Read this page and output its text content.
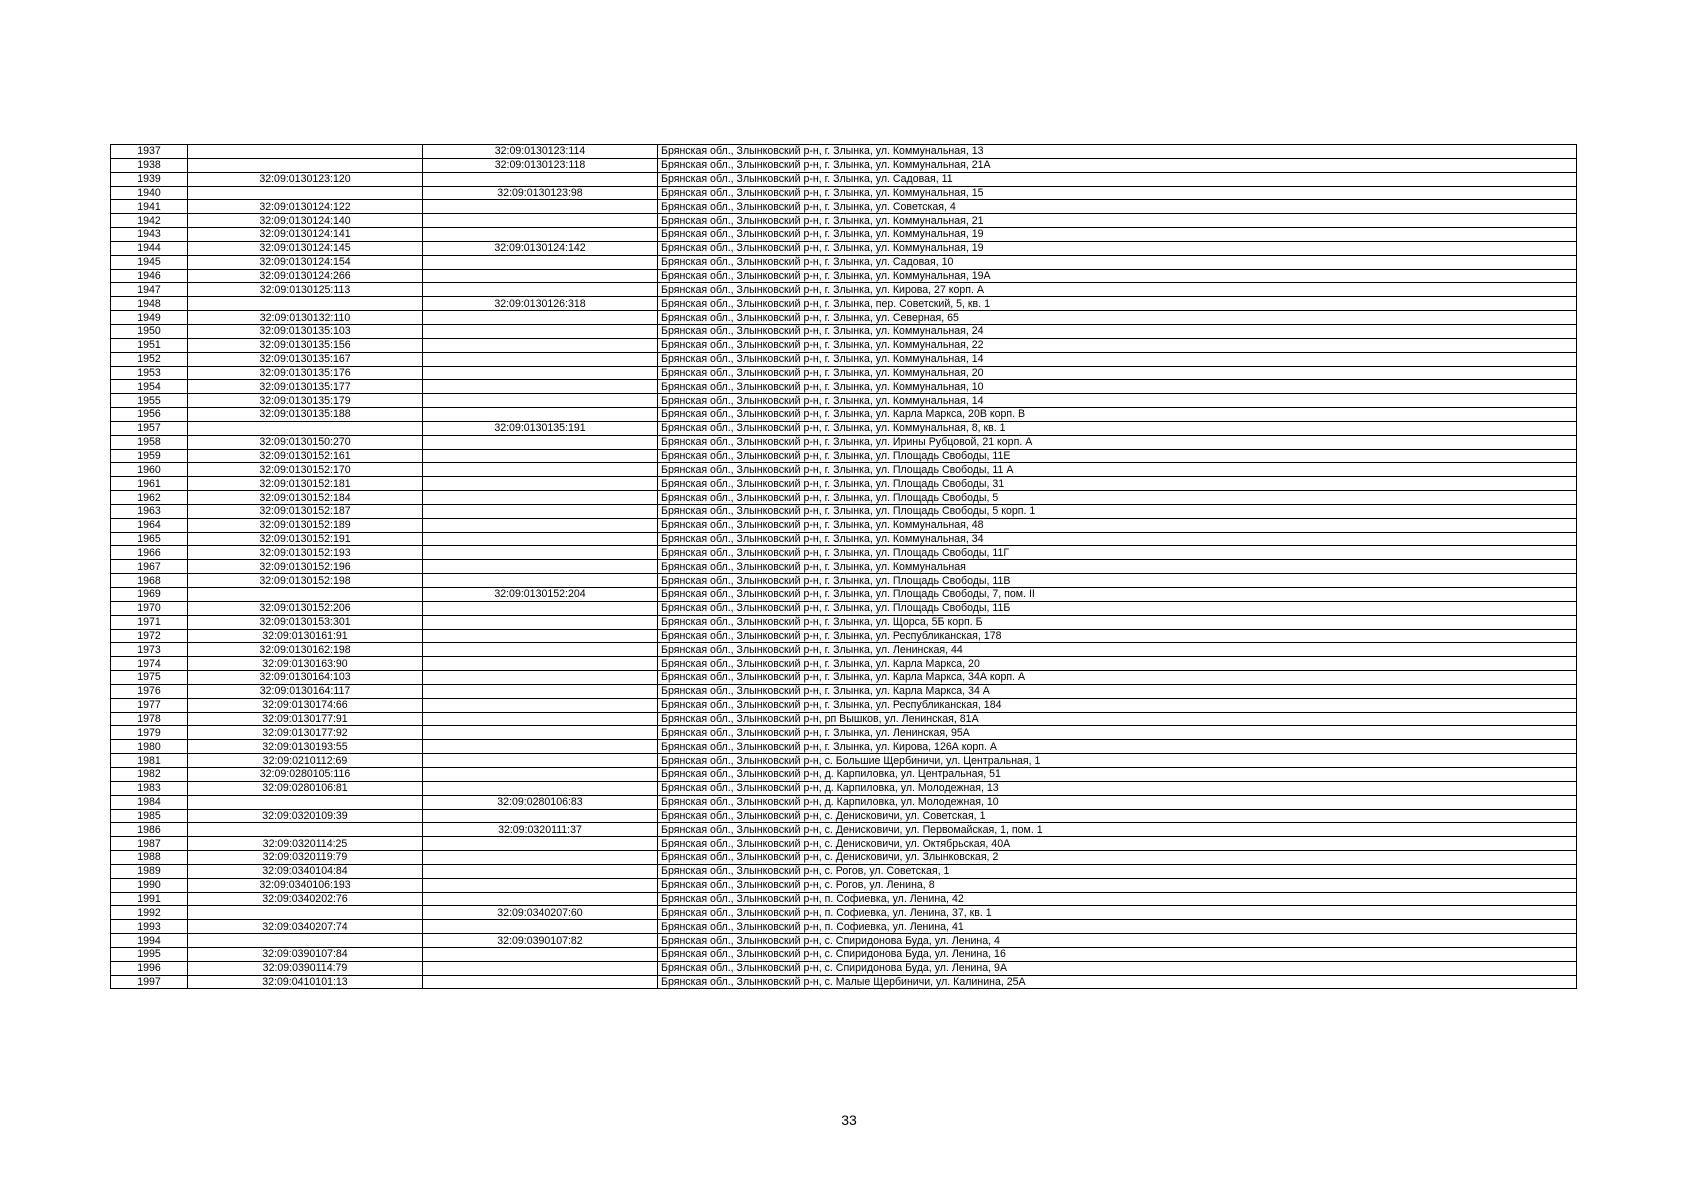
1937		32:09:0130123:114	Брянская обл., Злынковский р-н, г. Злынка, ул. Коммунальная, 13
1938		32:09:0130123:118	Брянская обл., Злынковский р-н, г. Злынка, ул. Коммунальная, 21А
1939	32:09:0130123:120		Брянская обл., Злынковский р-н, г. Злынка, ул. Садовая, 11
1940		32:09:0130123:98	Брянская обл., Злынковский р-н, г. Злынка, ул. Коммунальная, 15
1941	32:09:0130124:122		Брянская обл., Злынковский р-н, г. Злынка, ул. Советская, 4
1942	32:09:0130124:140		Брянская обл., Злынковский р-н, г. Злынка, ул. Коммунальная, 21
1943	32:09:0130124:141		Брянская обл., Злынковский р-н, г. Злынка, ул. Коммунальная, 19
1944	32:09:0130124:145	32:09:0130124:142	Брянская обл., Злынковский р-н, г. Злынка, ул. Коммунальная, 19
1945	32:09:0130124:154		Брянская обл., Злынковский р-н, г. Злынка, ул. Садовая, 10
1946	32:09:0130124:266		Брянская обл., Злынковский р-н, г. Злынка, ул. Коммунальная, 19А
1947	32:09:0130125:113		Брянская обл., Злынковский р-н, г. Злынка, ул. Кирова, 27 корп. А
1948		32:09:0130126:318	Брянская обл., Злынковский р-н, г. Злынка, пер. Советский, 5, кв. 1
1949	32:09:0130132:110		Брянская обл., Злынковский р-н, г. Злынка, ул. Северная, 65
1950	32:09:0130135:103		Брянская обл., Злынковский р-н, г. Злынка, ул. Коммунальная, 24
1951	32:09:0130135:156		Брянская обл., Злынковский р-н, г. Злынка, ул. Коммунальная, 22
1952	32:09:0130135:167		Брянская обл., Злынковский р-н, г. Злынка, ул. Коммунальная, 14
1953	32:09:0130135:176		Брянская обл., Злынковский р-н, г. Злынка, ул. Коммунальная, 20
1954	32:09:0130135:177		Брянская обл., Злынковский р-н, г. Злынка, ул. Коммунальная, 10
1955	32:09:0130135:179		Брянская обл., Злынковский р-н, г. Злынка, ул. Коммунальная, 14
1956	32:09:0130135:188		Брянская обл., Злынковский р-н, г. Злынка, ул. Карла Маркса, 20В корп. В
1957		32:09:0130135:191	Брянская обл., Злынковский р-н, г. Злынка, ул. Коммунальная, 8, кв. 1
1958	32:09:0130150:270		Брянская обл., Злынковский р-н, г. Злынка, ул. Ирины Рубцовой, 21 корп. А
1959	32:09:0130152:161		Брянская обл., Злынковский р-н, г. Злынка, ул. Площадь Свободы, 11Е
1960	32:09:0130152:170		Брянская обл., Злынковский р-н, г. Злынка, ул. Площадь Свободы, 11 А
1961	32:09:0130152:181		Брянская обл., Злынковский р-н, г. Злынка, ул. Площадь Свободы, 31
1962	32:09:0130152:184		Брянская обл., Злынковский р-н, г. Злынка, ул. Площадь Свободы, 5
1963	32:09:0130152:187		Брянская обл., Злынковский р-н, г. Злынка, ул. Площадь Свободы, 5 корп. 1
1964	32:09:0130152:189		Брянская обл., Злынковский р-н, г. Злынка, ул. Коммунальная, 48
1965	32:09:0130152:191		Брянская обл., Злынковский р-н, г. Злынка, ул. Коммунальная, 34
1966	32:09:0130152:193		Брянская обл., Злынковский р-н, г. Злынка, ул. Площадь Свободы, 11Г
1967	32:09:0130152:196		Брянская обл., Злынковский р-н, г. Злынка, ул. Коммунальная
1968	32:09:0130152:198		Брянская обл., Злынковский р-н, г. Злынка, ул. Площадь Свободы, 11В
1969		32:09:0130152:204	Брянская обл., Злынковский р-н, г. Злынка, ул. Площадь Свободы, 7, пом. II
1970	32:09:0130152:206		Брянская обл., Злынковский р-н, г. Злынка, ул. Площадь Свободы, 11Б
1971	32:09:0130153:301		Брянская обл., Злынковский р-н, г. Злынка, ул. Щорса, 5Б корп. Б
1972	32:09:0130161:91		Брянская обл., Злынковский р-н, г. Злынка, ул. Республиканская, 178
1973	32:09:0130162:198		Брянская обл., Злынковский р-н, г. Злынка, ул. Ленинская, 44
1974	32:09:0130163:90		Брянская обл., Злынковский р-н, г. Злынка, ул. Карла Маркса, 20
1975	32:09:0130164:103		Брянская обл., Злынковский р-н, г. Злынка, ул. Карла Маркса, 34А корп. А
1976	32:09:0130164:117		Брянская обл., Злынковский р-н, г. Злынка, ул. Карла Маркса, 34 А
1977	32:09:0130174:66		Брянская обл., Злынковский р-н, г. Злынка, ул. Республиканская, 184
1978	32:09:0130177:91		Брянская обл., Злынковский р-н, рп Вышков, ул. Ленинская, 81А
1979	32:09:0130177:92		Брянская обл., Злынковский р-н, г. Злынка, ул. Ленинская, 95А
1980	32:09:0130193:55		Брянская обл., Злынковский р-н, г. Злынка, ул. Кирова, 126А корп. А
1981	32:09:0210112:69		Брянская обл., Злынковский р-н, с. Большие Щербиничи, ул. Центральная, 1
1982	32:09:0280105:116		Брянская обл., Злынковский р-н, д. Карпиловка, ул. Центральная, 51
1983	32:09:0280106:81		Брянская обл., Злынковский р-н, д. Карпиловка, ул. Молодежная, 13
1984		32:09:0280106:83	Брянская обл., Злынковский р-н, д. Карпиловка, ул. Молодежная, 10
1985	32:09:0320109:39		Брянская обл., Злынковский р-н, с. Денисковичи, ул. Советская, 1
1986		32:09:0320111:37	Брянская обл., Злынковский р-н, с. Денисковичи, ул. Первомайская, 1, пом. 1
1987	32:09:0320114:25		Брянская обл., Злынковский р-н, с. Денисковичи, ул. Октябрьская, 40А
1988	32:09:0320119:79		Брянская обл., Злынковский р-н, с. Денисковичи, ул. Злынковская, 2
1989	32:09:0340104:84		Брянская обл., Злынковский р-н, с. Рогов, ул. Советская, 1
1990	32:09:0340106:193		Брянская обл., Злынковский р-н, с. Рогов, ул. Ленина, 8
1991	32:09:0340202:76		Брянская обл., Злынковский р-н, п. Софиевка, ул. Ленина, 42
1992		32:09:0340207:60	Брянская обл., Злынковский р-н, п. Софиевка, ул. Ленина, 37, кв. 1
1993	32:09:0340207:74		Брянская обл., Злынковский р-н, п. Софиевка, ул. Ленина, 41
1994		32:09:0390107:82	Брянская обл., Злынковский р-н, с. Спиридонова Буда, ул. Ленина, 4
1995	32:09:0390107:84		Брянская обл., Злынковский р-н, с. Спиридонова Буда, ул. Ленина, 16
1996	32:09:0390114:79		Брянская обл., Злынковский р-н, с. Спиридонова Буда, ул. Ленина, 9А
1997	32:09:0410101:13		Брянская обл., Злынковский р-н, с. Малые Щербиничи, ул. Калинина, 25А
33
